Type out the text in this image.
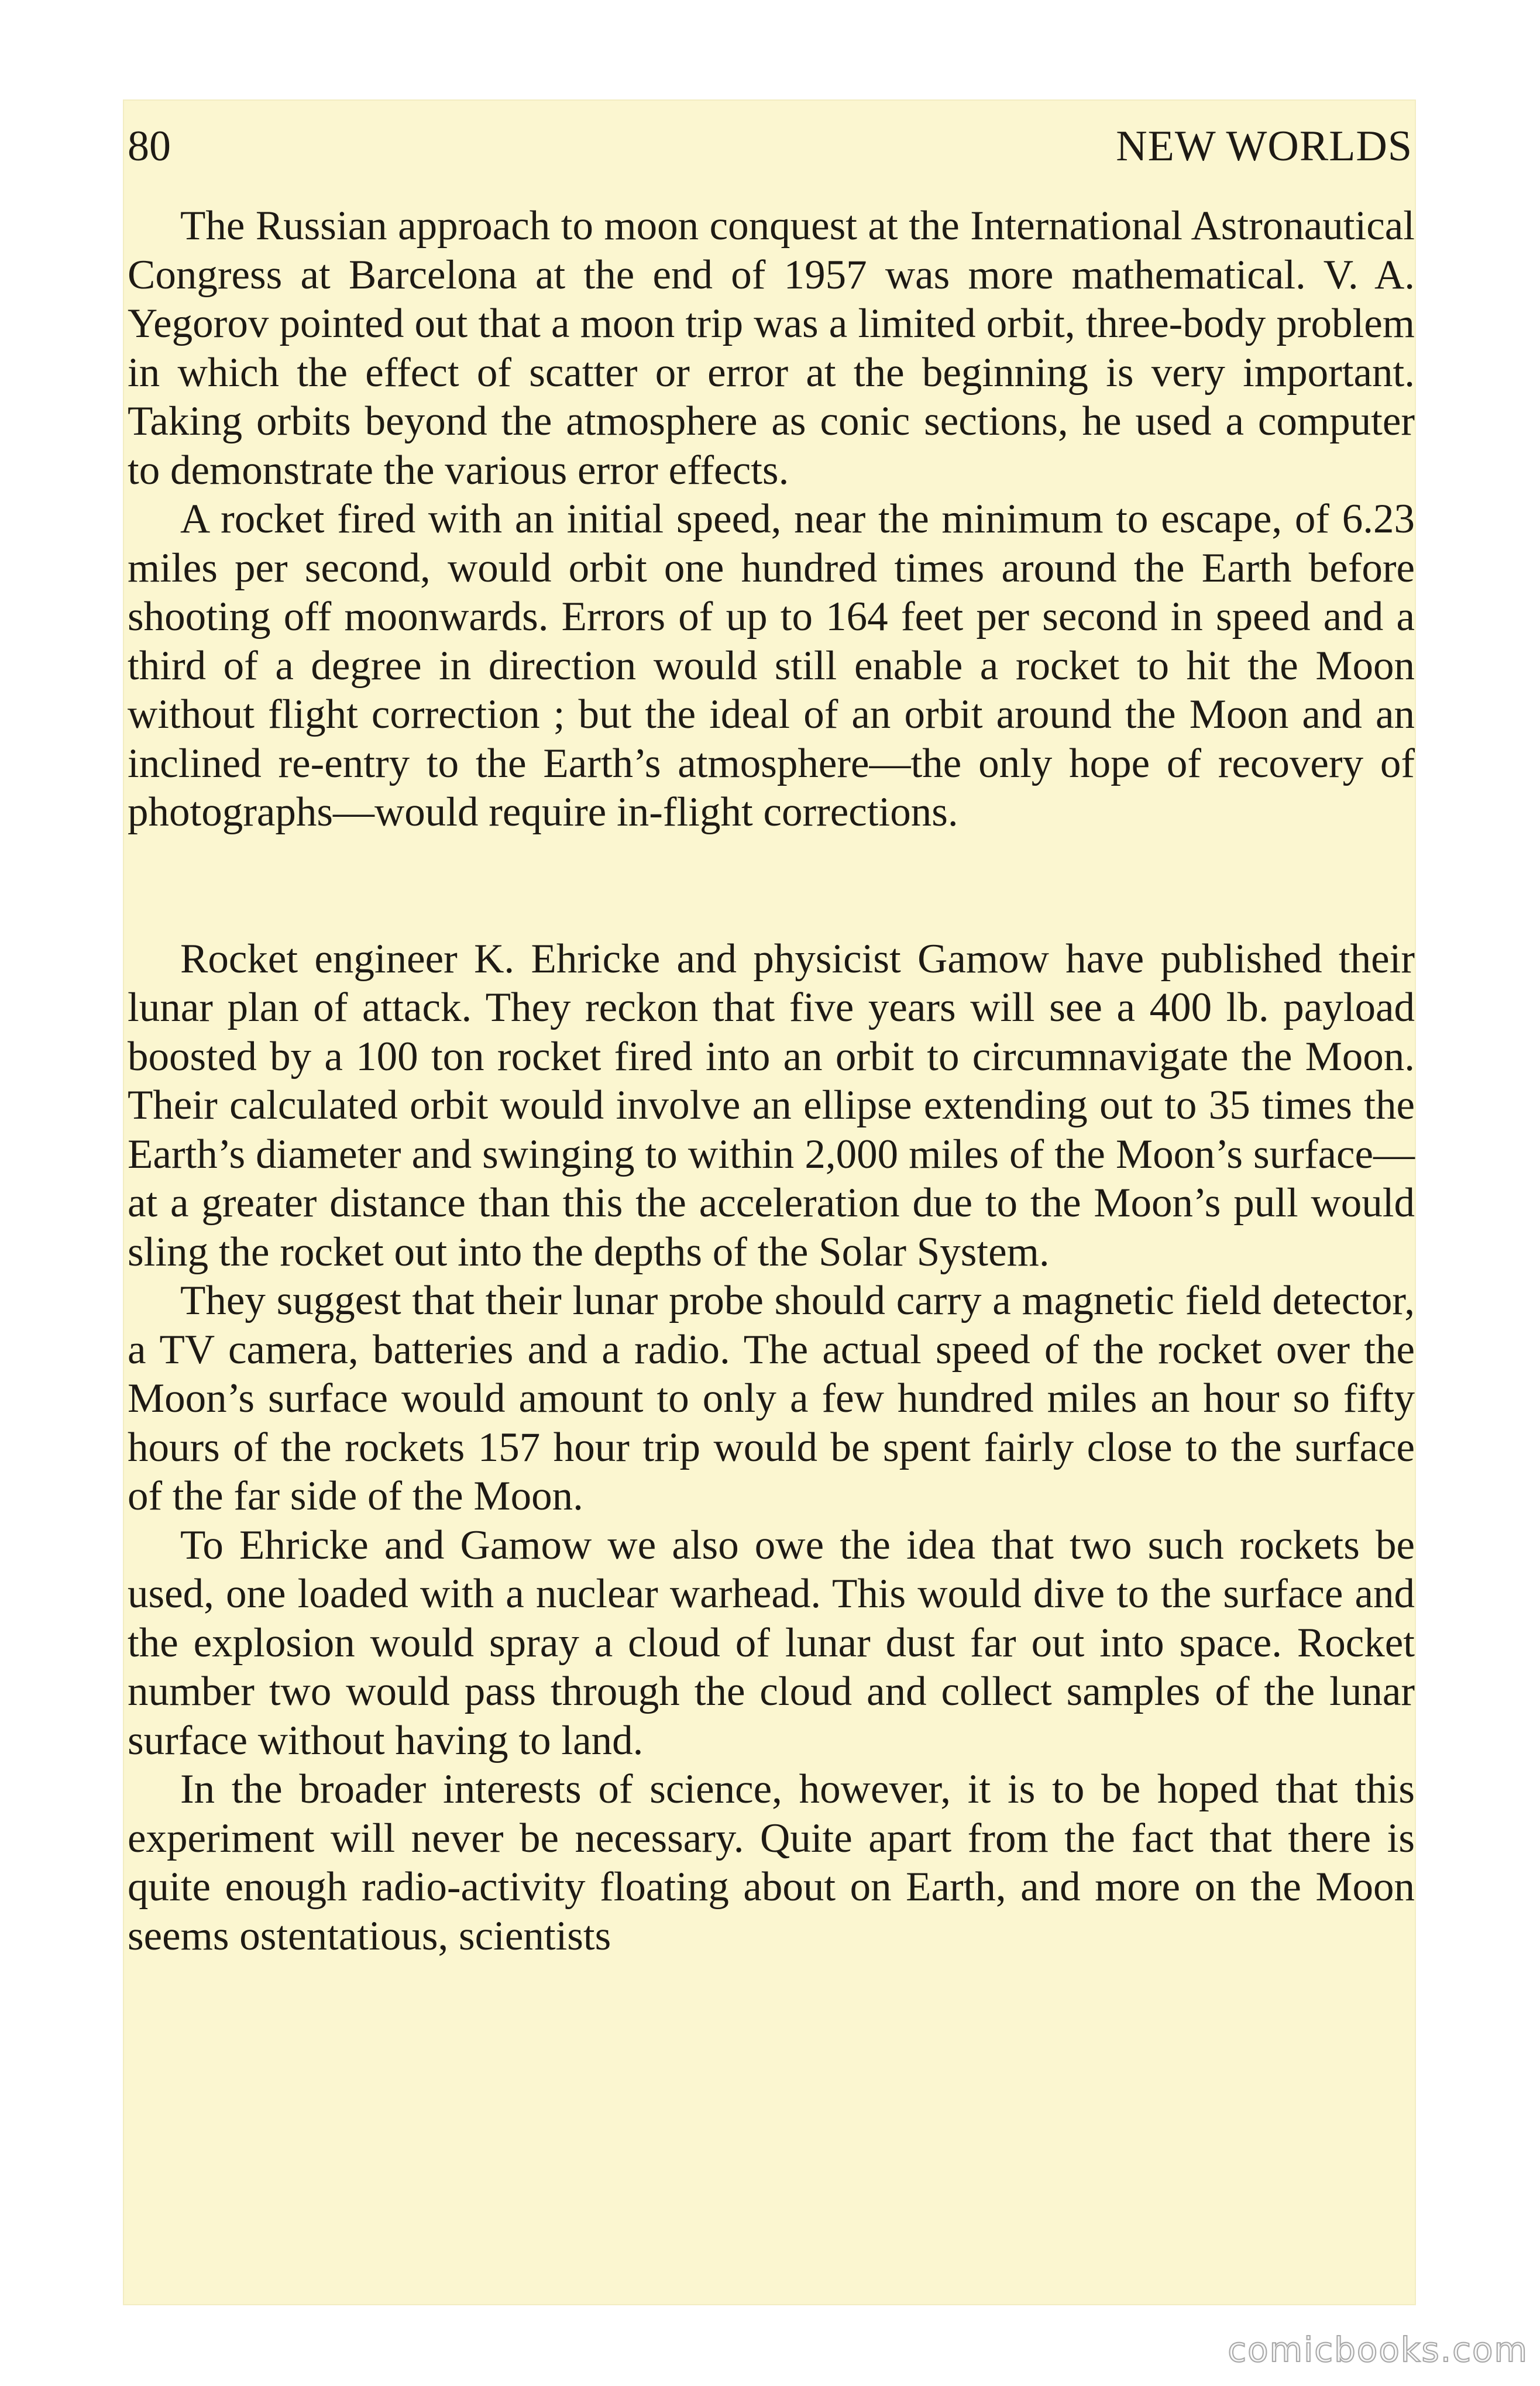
80	NEW WORLDS

The Russian approach to moon conquest at the International Astronautical Congress at Barcelona at the end of 1957 was more mathematical. V. A. Yegorov pointed out that a moon trip was a limited orbit, three-body problem in which the effect of scatter or error at the beginning is very important. Taking orbits beyond the atmosphere as conic sections, he used a computer to demonstrate the various error effects.

A rocket fired with an initial speed, near the minimum to escape, of 6.23 miles per second, would orbit one hundred times around the Earth before shooting off moonwards. Errors of up to 164 feet per second in speed and a third of a degree in direction would still enable a rocket to hit the Moon without flight correction ; but the ideal of an orbit around the Moon and an inclined re-entry to the Earth’s atmosphere—the only hope of recovery of photographs—would require in-flight corrections.

Rocket engineer K. Ehricke and physicist Gamow have published their lunar plan of attack. They reckon that five years will see a 400 lb. payload boosted by a 100 ton rocket fired into an orbit to circumnavigate the Moon. Their calculated orbit would involve an ellipse extending out to 35 times the Earth’s diameter and swinging to within 2,000 miles of the Moon’s surface—at a greater distance than this the acceleration due to the Moon’s pull would sling the rocket out into the depths of the Solar System.

They suggest that their lunar probe should carry a magnetic field detector, a TV camera, batteries and a radio. The actual speed of the rocket over the Moon’s surface would amount to only a few hundred miles an hour so fifty hours of the rockets 157 hour trip would be spent fairly close to the surface of the far side of the Moon.

To Ehricke and Gamow we also owe the idea that two such rockets be used, one loaded with a nuclear warhead. This would dive to the surface and the explosion would spray a cloud of lunar dust far out into space. Rocket number two would pass through the cloud and collect samples of the lunar surface without having to land.

In the broader interests of science, however, it is to be hoped that this experiment will never be necessary. Quite apart from the fact that there is quite enough radio-activity floating about on Earth, and more on the Moon seems ostentatious, scientists

comicbooks.com
